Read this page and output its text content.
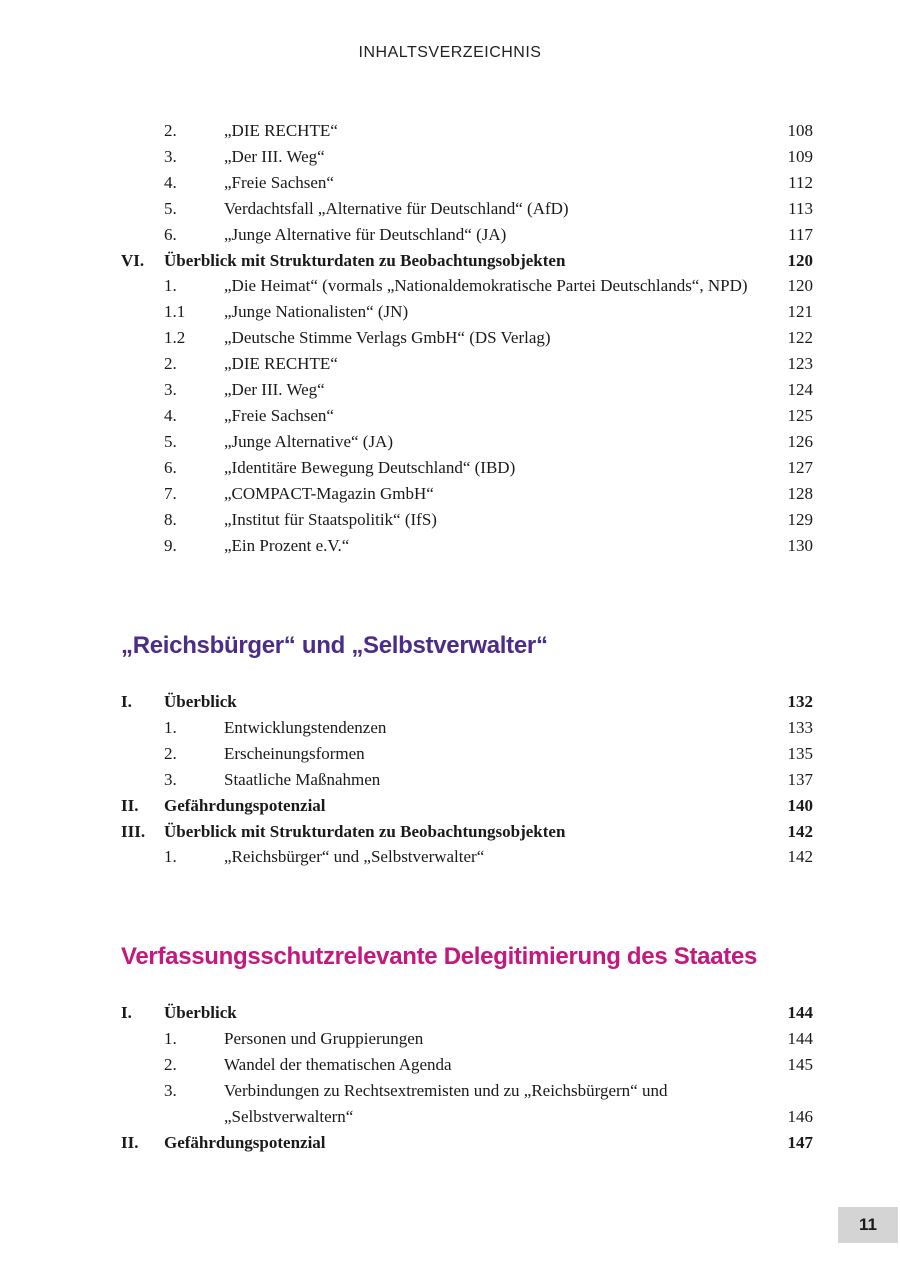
INHALTSVERZEICHNIS
2.	„DIE RECHTE“	108
3.	„Der III. Weg“	109
4.	„Freie Sachsen“	112
5.	Verdachtsfall „Alternative für Deutschland“ (AfD)	113
6.	„Junge Alternative für Deutschland“ (JA)	117
VI. Überblick mit Strukturdaten zu Beobachtungsobjekten	120
1.	„Die Heimat“ (vormals „Nationaldemokratische Partei Deutschlands“, NPD)	120
1.1 „Junge Nationalisten“ (JN)	121
1.2 „Deutsche Stimme Verlags GmbH“ (DS Verlag)	122
2.	„DIE RECHTE“	123
3.	„Der III. Weg“	124
4.	„Freie Sachsen“	125
5.	„Junge Alternative“ (JA)	126
6.	„Identitäre Bewegung Deutschland“ (IBD)	127
7.	„COMPACT-Magazin GmbH“	128
8.	„Institut für Staatspolitik“ (IfS)	129
9.	„Ein Prozent e.V.“	130
„Reichsbürger“ und „Selbstverwalter“
I. Überblick	132
1.	Entwicklungstendenzen	133
2.	Erscheinungsformen	135
3.	Staatliche Maßnahmen	137
II. Gefährdungspotenzial	140
III. Überblick mit Strukturdaten zu Beobachtungsobjekten	142
1.	„Reichsbürger“ und „Selbstverwalter“	142
Verfassungsschutzrelevante Delegitimierung des Staates
I. Überblick	144
1.	Personen und Gruppierungen	144
2.	Wandel der thematischen Agenda	145
3.	Verbindungen zu Rechtsextremisten und zu „Reichsbürgern“ und „Selbstverwaltern“	146
II. Gefährdungspotenzial	147
11
